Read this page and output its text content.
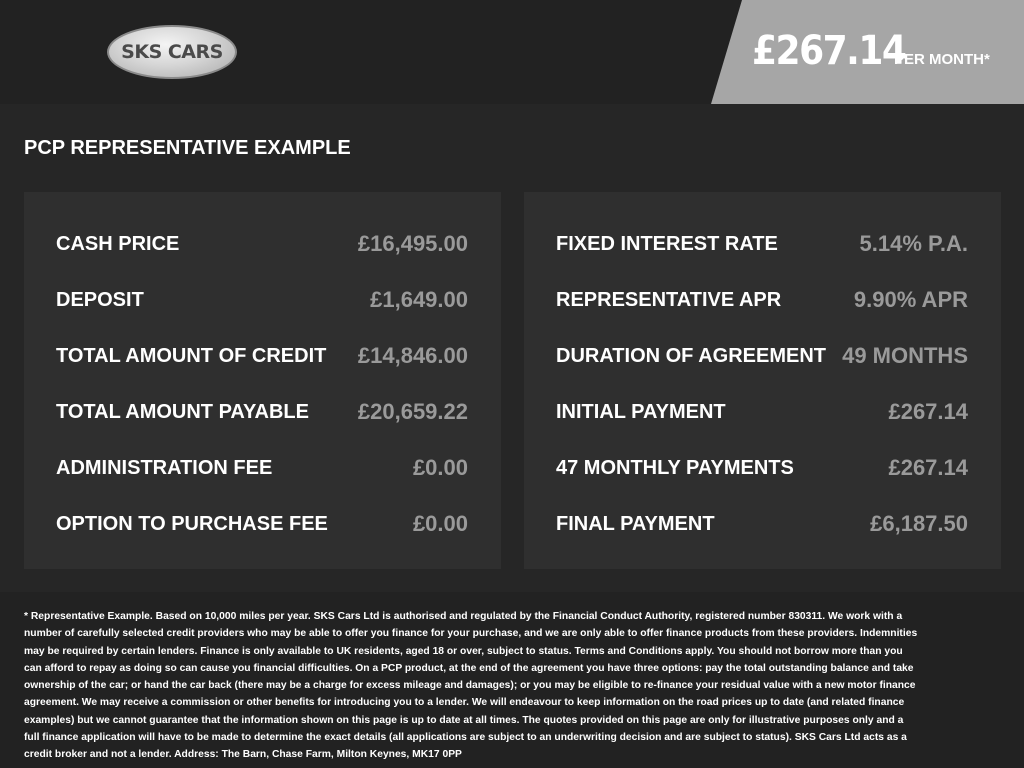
SKS CARS	£267.14
PER MONTH*
PCP REPRESENTATIVE EXAMPLE
CASH PRICE	£16,495.00
DEPOSIT	£1,649.00
TOTAL AMOUNT OF CREDIT £14,846.00
TOTAL AMOUNT PAYABLE £20,659.22
ADMINISTRATION FEE	£0.00
OPTION TO PURCHASE FEE	£0.00
FIXED INTEREST RATE	5.14% P.A.
REPRESENTATIVE APR	9.90% APR
DURATION OF AGREEMENT 49 MONTHS
INITIAL PAYMENT	£267.14
47 MONTHLY PAYMENTS	£267.14
FINAL PAYMENT	£6,187.50

* Representative Example. Based on 10,000 miles per year. SKS Cars Ltd is authorised and regulated by the Financial Conduct Authority, registered number 830311. We work with a number of carefully selected credit providers who may be able to offer you finance for your purchase, and we are only able to offer finance products from these providers. Indemnities may be required by certain lenders. Finance is only available to UK residents, aged 18 or over, subject to status. Terms and Conditions apply. You should not borrow more than you can afford to repay as doing so can cause you financial difficulties. On a PCP product, at the end of the agreement you have three options: pay the total outstanding balance and take ownership of the car; or hand the car back (there may be a charge for excess mileage and damages); or you may be eligible to re-finance your residual value with a new motor finance agreement. We may receive a commission or other benefits for introducing you to a lender. We will endeavour to keep information on the road prices up to date (and related finance examples) but we cannot guarantee that the information shown on this page is up to date at all times. The quotes provided on this page are only for illustrative purposes only and a full finance application will have to be made to determine the exact details (all applications are subject to an underwriting decision and are subject to status). SKS Cars Ltd acts as a credit broker and not a lender. Address: The Barn, Chase Farm, Milton Keynes, MK17 0PP
